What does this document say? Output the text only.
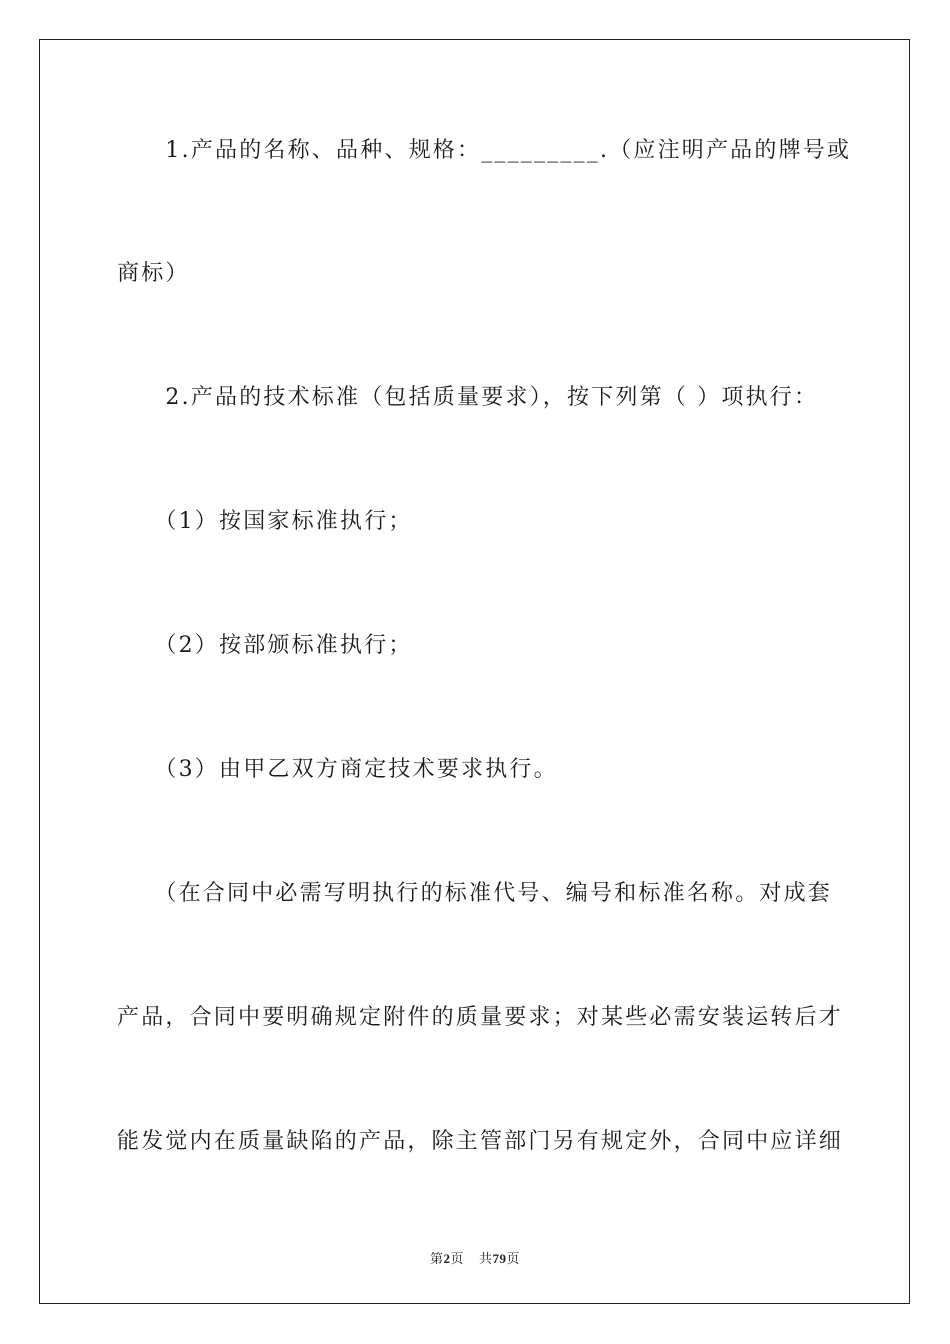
　　1.产品的名称、品种、规格：_________.（应注明产品的牌号或
商标）
　　2.产品的技术标准（包括质量要求），按下列第（ ）项执行：
　　（1）按国家标准执行；
　　（2）按部颁标准执行；
　　（3）由甲乙双方商定技术要求执行。
　　（在合同中必需写明执行的标准代号、编号和标准名称。对成套
产品，合同中要明确规定附件的质量要求；对某些必需安装运转后才
能发觉内在质量缺陷的产品，除主管部门另有规定外，合同中应详细
第2页 共79页
